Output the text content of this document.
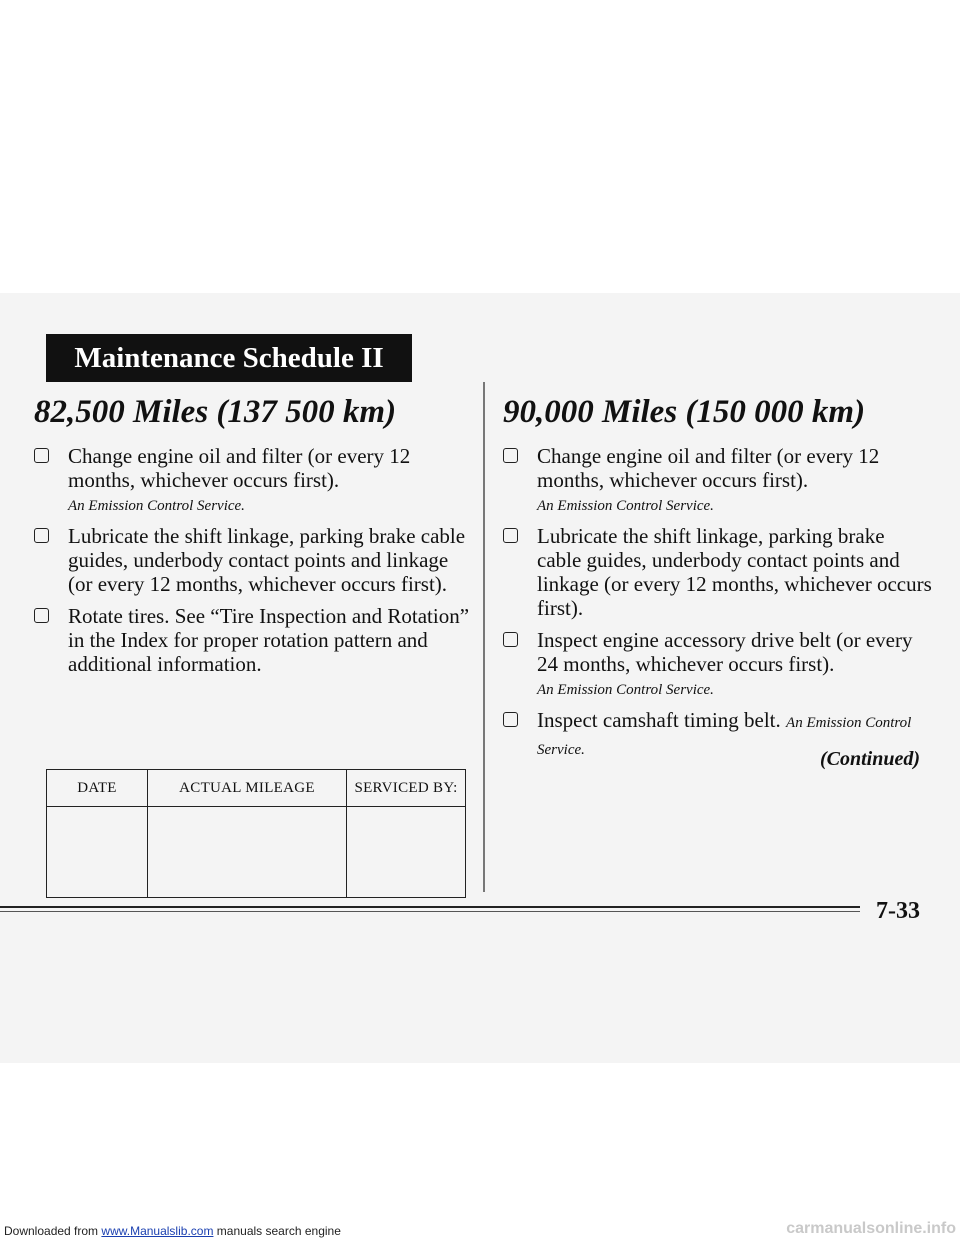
Maintenance Schedule II
82,500 Miles (137 500 km)
Change engine oil and filter (or every 12 months, whichever occurs first).
An Emission Control Service.
Lubricate the shift linkage, parking brake cable guides, underbody contact points and linkage (or every 12 months, whichever occurs first).
Rotate tires. See “Tire Inspection and Rotation” in the Index for proper rotation pattern and additional information.
90,000 Miles (150 000 km)
Change engine oil and filter (or every 12 months, whichever occurs first).
An Emission Control Service.
Lubricate the shift linkage, parking brake cable guides, underbody contact points and linkage (or every 12 months, whichever occurs first).
Inspect engine accessory drive belt (or every 24 months, whichever occurs first).
An Emission Control Service.
Inspect camshaft timing belt. An Emission Control Service.	(Continued)
DATE	ACTUAL MILEAGE	SERVICED BY:

7-33
Downloaded from www.Manualslib.com manuals search engine	carmanualsonline.info
